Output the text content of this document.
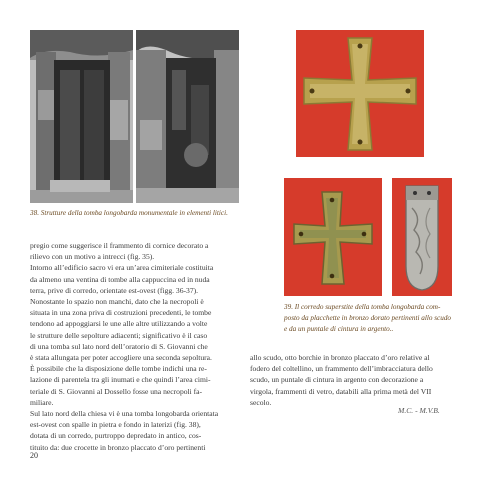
38. Strutture della tomba longobarda monumentale in elementi litici.
39. Il corredo superstite della tomba longobarda com-
posto da placchette in bronzo dorato pertinenti allo scudo
e da un puntale di cintura in argento..
pregio come suggerisce il frammento di cornice decorato a
rilievo con un motivo a intrecci (fig. 35).
Intorno all’edificio sacro vi era un’area cimiteriale costituita
da almeno una ventina di tombe alla cappuccina ed in nuda
terra, prive di corredo, orientate est-ovest (figg. 36-37).
Nonostante lo spazio non manchi, dato che la necropoli è
situata in una zona priva di costruzioni precedenti, le tombe
tendono ad appoggiarsi le une alle altre utilizzando a volte
le strutture delle sepolture adiacenti; significativo è il caso
di una tomba sul lato nord dell’oratorio di S. Giovanni che
è stata allungata per poter accogliere una seconda sepoltura.
È possibile che la disposizione delle tombe indichi una re-
lazione di parentela tra gli inumati e che quindi l’area cimi-
teriale di S. Giovanni al Dossello fosse una necropoli fa-
miliare.
Sul lato nord della chiesa vi è una tomba longobarda orientata
est-ovest con spalle in pietra e fondo in laterizi (fig. 38),
dotata di un corredo, purtroppo depredato in antico, cos-
tituito da: due crocette in bronzo placcato d’oro pertinenti
allo scudo, otto borchie in bronzo placcato d’oro relative al
fodero del coltellino, un frammento dell’imbracciatura dello
scudo, un puntale di cintura in argento con decorazione a
virgola, frammenti di vetro, databili alla prima metà del VII
secolo.
M.C. - M.V.B.
20
